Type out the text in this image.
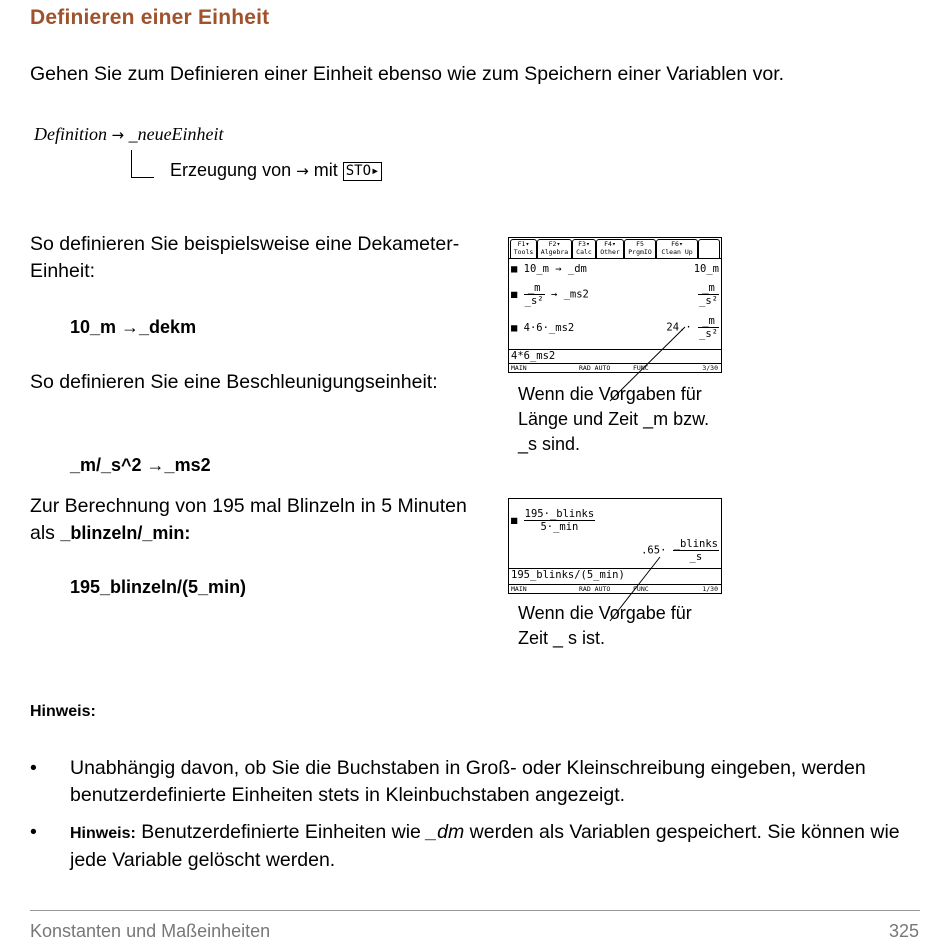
Definieren einer Einheit
Gehen Sie zum Definieren einer Einheit ebenso wie zum Speichern einer Variablen vor.
Definition → _neueEinheit
Erzeugung von → mit STO▸
So definieren Sie beispielsweise eine Dekameter-Einheit:
10_m →_dekm
So definieren Sie eine Beschleunigungseinheit:
_m/_s^2 →_ms2
Zur Berechnung von 195 mal Blinzeln in 5 Minuten als _blinzeln/_min:
195_blinzeln/(5_min)
F1▾
Tools
F2▾
Algebra
F3▾
Calc
F4▾
Other
F5
PrgmIO
F6▾
Clean Up
■ 10_m → _dm	10_m
■ $\frac{\_m}{\text{\_s²}}$ → _ms2	$\frac{\_m}{\text{\_s²}}$
■ 4·6·_ms2	$24.\cdot \frac{\_m}{\text{\_s²}}$
4*6_ms2
MAIN	RAD AUTO	FUNC	3/30
Wenn die Vorgaben für Länge und Zeit _m bzw. _s sind.
■ $\frac{\text{195·\_blinks}}{5\cdot\_\min}$
$.65\cdot \frac{\text{\_blinks}}{\_s}$
195_blinks/(5_min)
MAIN	RAD AUTO	FUNC	1/30
Wenn die Vorgabe für Zeit _ s ist.
Hinweis:
• Unabhängig davon, ob Sie die Buchstaben in Groß- oder Kleinschreibung eingeben, werden benutzerdefinierte Einheiten stets in Kleinbuchstaben angezeigt.
• Hinweis: Benutzerdefinierte Einheiten wie _dm werden als Variablen gespeichert. Sie können wie jede Variable gelöscht werden.
Konstanten und Maßeinheiten	325
